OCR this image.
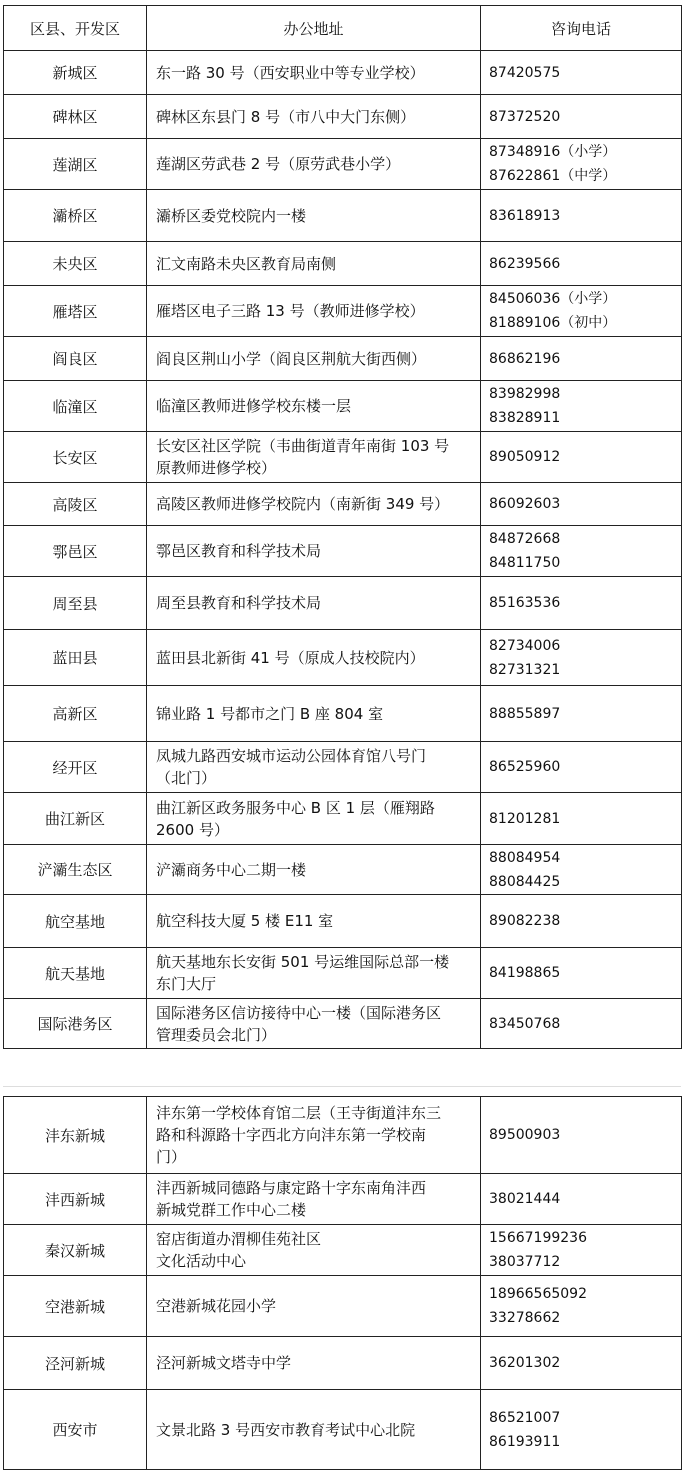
区县、开发区	办公地址	咨询电话
新城区	东一路 30 号（西安职业中等专业学校）	87420575

碑林区	碑林区东县门 8 号（市八中大门东侧）	87372520

莲湖区	莲湖区劳武巷 2 号（原劳武巷小学）	87348916（小学）
87622861（中学）

灞桥区	灞桥区委党校院内一楼	83618913

未央区	汇文南路未央区教育局南侧	86239566

雁塔区	雁塔区电子三路 13 号（教师进修学校）	84506036（小学）
81889106（初中）

阎良区	阎良区荆山小学（阎良区荆航大街西侧）	86862196

临潼区	临潼区教师进修学校东楼一层	83982998
83828911

长安区	长安区社区学院（韦曲街道青年南街 103 号
原教师进修学校）	89050912

高陵区	高陵区教师进修学校院内（南新街 349 号）	86092603

鄠邑区	鄠邑区教育和科学技术局	84872668
84811750

周至县	周至县教育和科学技术局	85163536

蓝田县	蓝田县北新街 41 号（原成人技校院内）	82734006
82731321

高新区	锦业路 1 号都市之门 B 座 804 室	88855897

经开区	凤城九路西安城市运动公园体育馆八号门
（北门）	86525960

曲江新区	曲江新区政务服务中心 B 区 1 层（雁翔路
2600 号）	81201281

浐灞生态区	浐灞商务中心二期一楼	88084954
88084425

航空基地	航空科技大厦 5 楼 E11 室	89082238

航天基地	航天基地东长安街 501 号运维国际总部一楼
东门大厅	84198865

国际港务区	国际港务区信访接待中心一楼（国际港务区
管理委员会北门）	83450768
沣东新城	沣东第一学校体育馆二层（王寺街道沣东三
路和科源路十字西北方向沣东第一学校南
门）	89500903

沣西新城	沣西新城同德路与康定路十字东南角沣西
新城党群工作中心二楼	38021444

秦汉新城	窑店街道办渭柳佳苑社区
文化活动中心	15667199236
38037712

空港新城	空港新城花园小学	18966565092
33278662

泾河新城	泾河新城文塔寺中学	36201302

西安市	文景北路 3 号西安市教育考试中心北院	86521007
86193911
